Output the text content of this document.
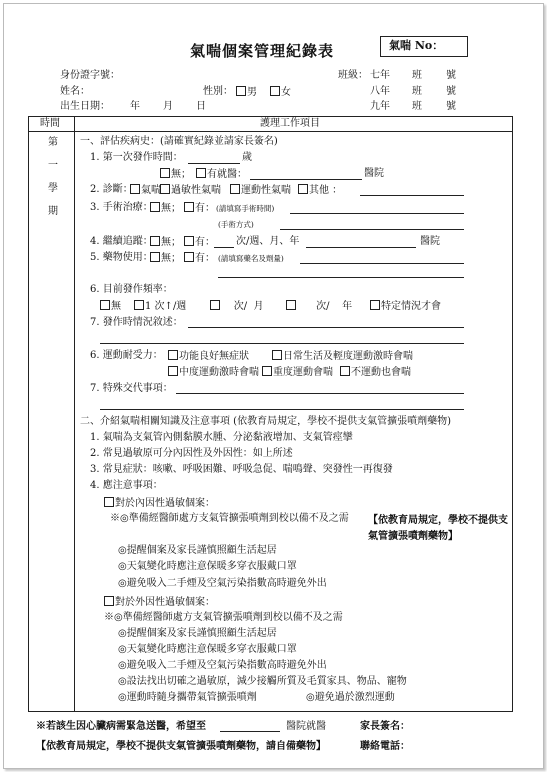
氣喘個案管理紀錄表	氣喘 No：
身份證字號：	班級： 七年 班 號
姓名：	性別：	男	女	八年 班 號
出生日期： 年 月 日	九年 班 號
時間	護理工作項目
第
一
學
期
一、評估疾病史：(請確實紀錄並請家長簽名)
1. 第一次發作時間：	歲
無；	有就醫：	醫院
2. 診斷： 氣喘	過敏性氣喘	運動性氣喘	其他 ：
3. 手術治療： 無；	有： (請填寫手術時間)
(手術方式)
4. 繼續追蹤： 無；	有： 次/週、月、年	醫院
5. 藥物使用： 無；	有： (請填寫藥名及劑量)
6. 目前發作頻率：
無	1 次↑/週	次/ 月	次/ 年	特定情況才會
7. 發作時情況敘述：
6. 運動耐受力：	功能良好無症狀	日常生活及輕度運動激時會喘
中度運動激時會喘	重度運動會喘	不運動也會喘
7. 特殊交代事項：
二、介紹氣喘相關知識及注意事項 (依教育局規定，學校不提供支氣管擴張噴劑藥物)
1. 氣喘為支氣管內側黏膜水腫、分泌黏液增加、支氣管痙攣
2. 常見過敏原可分內因性及外因性：如上所述
3. 常見症狀：咳嗽、呼吸困難、呼吸急促、喘鳴聲、突發性一再復發
4. 應注意事項：
對於內因性過敏個案：
※◎準備經醫師處方支氣管擴張噴劑到校以備不及之需 【依教育局規定，學校不提供支氣管擴張噴劑藥物】
◎提醒個案及家長謹慎照顧生活起居
◎天氣變化時應注意保暖多穿衣服戴口罩
◎避免吸入二手煙及空氣污染指數高時避免外出
對於外因性過敏個案：
※◎準備經醫師處方支氣管擴張噴劑到校以備不及之需
◎提醒個案及家長謹慎照顧生活起居
◎天氣變化時應注意保暖多穿衣服戴口罩
◎避免吸入二手煙及空氣污染指數高時避免外出
◎設法找出切確之過敏原，減少接觸所質及毛質家具、物品、寵物
◎運動時隨身攜帶氣管擴張噴劑	◎避免過於激烈運動
※若該生因心臟病需緊急送醫，希望至	醫院就醫	家長簽名：
【依教育局規定，學校不提供支氣管擴張噴劑藥物，請自備藥物】	聯絡電話：
